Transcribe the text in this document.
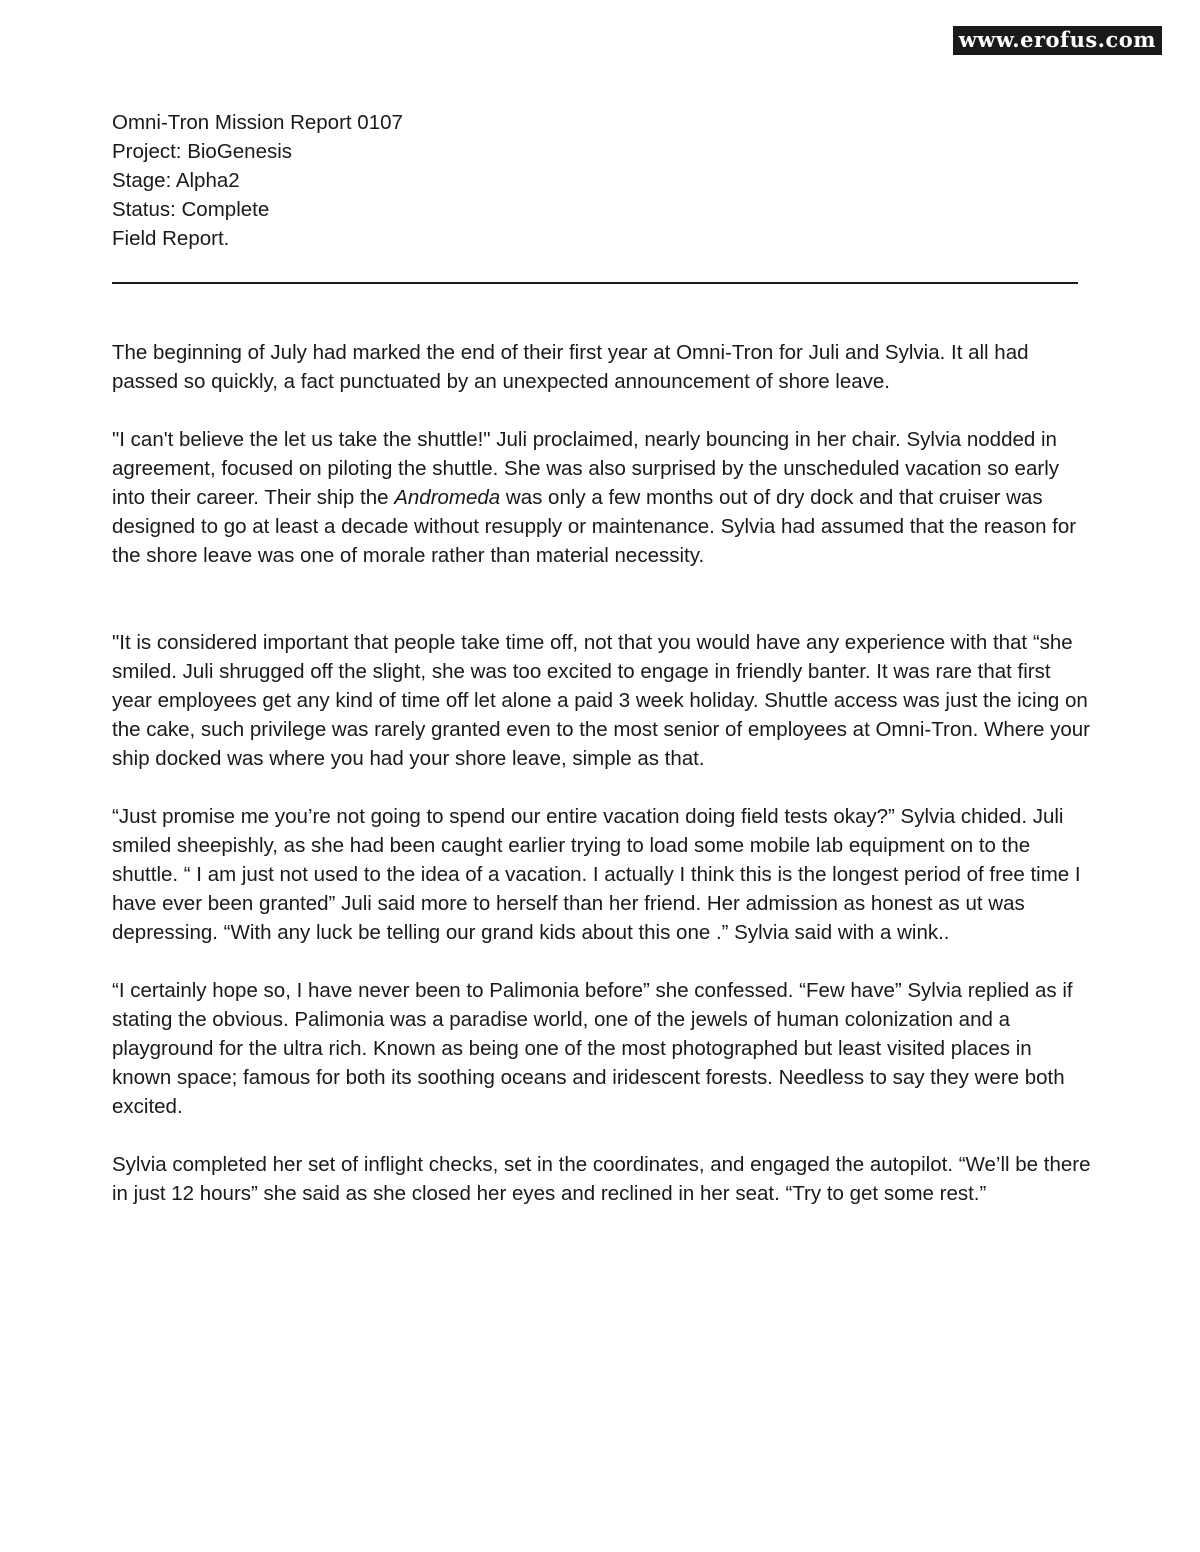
www.erofus.com

Omni-Tron Mission Report 0107

Project: BioGenesis

Stage: Alpha2

Status: Complete

Field Report.

The beginning of July had marked the end of their first year at Omni-Tron for Juli and Sylvia. It all had passed so quickly, a fact punctuated by an unexpected announcement of shore leave.

"I can't believe the let us take the shuttle!" Juli proclaimed, nearly bouncing in her chair. Sylvia nodded in agreement, focused on piloting the shuttle. She was also surprised by the unscheduled vacation so early into their career. Their ship the Andromeda was only a few months out of dry dock and that cruiser was designed to go at least a decade without resupply or maintenance. Sylvia had assumed that the reason for the shore leave was one of morale rather than material necessity.

"It is considered important that people take time off, not that you would have any experience with that “she smiled. Juli shrugged off the slight, she was too excited to engage in friendly banter. It was rare that first year employees get any kind of time off let alone a paid 3 week holiday. Shuttle access was just the icing on the cake, such privilege was rarely granted even to the most senior of employees at Omni-Tron. Where your ship docked was where you had your shore leave, simple as that.

“Just promise me you’re not going to spend our entire vacation doing field tests okay?” Sylvia chided. Juli smiled sheepishly, as she had been caught earlier trying to load some mobile lab equipment on to the shuttle. “ I am just not used to the idea of a vacation. I actually I think this is the longest period of free time I have ever been granted” Juli said more to herself than her friend. Her admission as honest as ut was depressing. “With any luck be telling our grand kids about this one .” Sylvia said with a wink..

“I certainly hope so, I have never been to Palimonia before” she confessed. “Few have” Sylvia replied as if stating the obvious. Palimonia was a paradise world, one of the jewels of human colonization and a playground for the ultra rich. Known as being one of the most photographed but least visited places in known space; famous for both its soothing oceans and iridescent forests. Needless to say they were both excited.

Sylvia completed her set of inflight checks, set in the coordinates, and engaged the autopilot. “We’ll be there in just 12 hours” she said as she closed her eyes and reclined in her seat. “Try to get some rest.”
